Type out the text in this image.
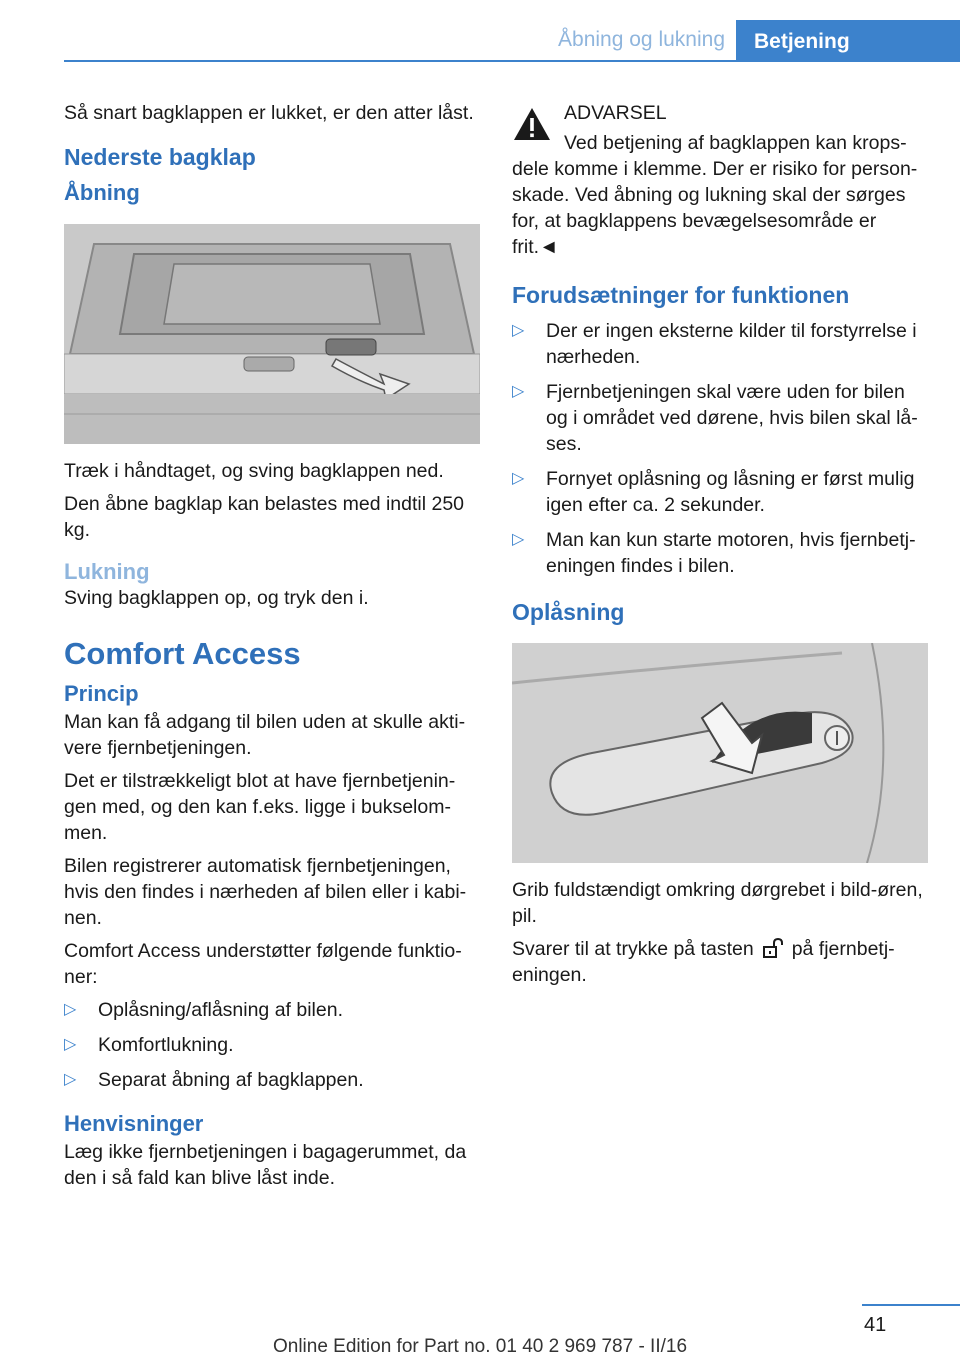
Åbning og lukning	Betjening

Så snart bagklappen er lukket, er den atter låst.

Nederste bagklap
Åbning

Træk i håndtaget, og sving bagklappen ned.

Den åbne bagklap kan belastes med indtil 250 kg.

Lukning

Sving bagklappen op, og tryk den i.

Comfort Access
Princip

Man kan få adgang til bilen uden at skulle akti‐vere fjernbetjeningen.

Det er tilstrækkeligt blot at have fjernbetjenin‐gen med, og den kan f.eks. ligge i bukselom‐men.

Bilen registrerer automatisk fjernbetjeningen, hvis den findes i nærheden af bilen eller i kabi‐nen.

Comfort Access understøtter følgende funktio‐ner:

▷ Oplåsning/aflåsning af bilen.
▷ Komfortlukning.
▷ Separat åbning af bagklappen.
Henvisninger

Læg ikke fjernbetjeningen i bagagerummet, da den i så fald kan blive låst inde.

ADVARSEL

Ved betjening af bagklappen kan krops‐dele komme i klemme. Der er risiko for person‐skade. Ved åbning og lukning skal der sørges for, at bagklappens bevægelsesområde er frit.◄

Forudsætninger for funktionen
▷ Der er ingen eksterne kilder til forstyrrelse i nærheden.
▷ Fjernbetjeningen skal være uden for bilen og i området ved dørene, hvis bilen skal lå‐ses.
▷ Fornyet oplåsning og låsning er først mulig igen efter ca. 2 sekunder.
▷ Man kan kun starte motoren, hvis fjernbetj‐eningen findes i bilen.
Oplåsning

Grib fuldstændigt omkring dørgrebet i bild‐øren, pil.

Svarer til at trykke på tasten på fjernbetj‐eningen.

41
Online Edition for Part no. 01 40 2 969 787 - II/16
